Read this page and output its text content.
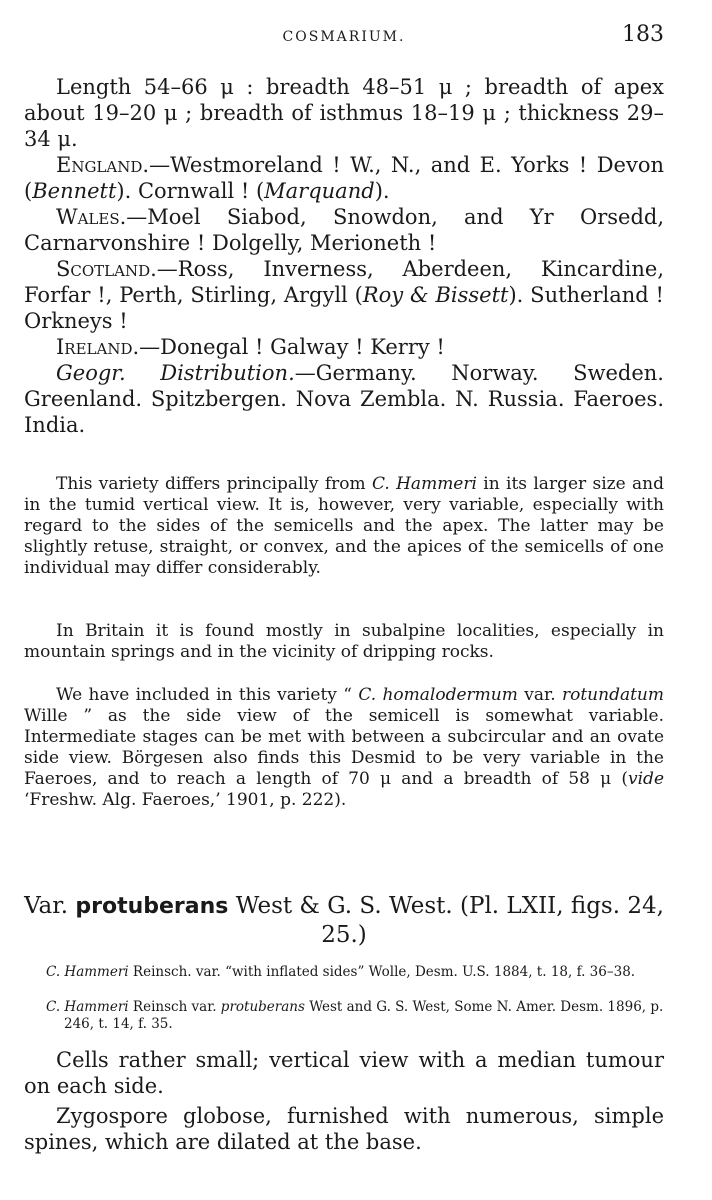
COSMARIUM.	183

Length 54–66 μ : breadth 48–51 μ ; breadth of apex about 19–20 μ ; breadth of isthmus 18–19 μ ; thickness 29–34 μ.

England.—Westmoreland ! W., N., and E. Yorks ! Devon (Bennett). Cornwall ! (Marquand).

Wales.—Moel Siabod, Snowdon, and Yr Orsedd, Carnarvonshire ! Dolgelly, Merioneth !

Scotland.—Ross, Inverness, Aberdeen, Kincardine, Forfar !, Perth, Stirling, Argyll (Roy & Bissett). Sutherland ! Orkneys !

Ireland.—Donegal ! Galway ! Kerry !

Geogr. Distribution.—Germany. Norway. Sweden. Greenland. Spitzbergen. Nova Zembla. N. Russia. Faeroes. India.

This variety differs principally from C. Hammeri in its larger size and in the tumid vertical view. It is, however, very variable, especially with regard to the sides of the semicells and the apex. The latter may be slightly retuse, straight, or convex, and the apices of the semicells of one individual may differ considerably.

In Britain it is found mostly in subalpine localities, especially in mountain springs and in the vicinity of dripping rocks.

We have included in this variety “ C. homalodermum var. rotundatum Wille ” as the side view of the semicell is somewhat variable. Intermediate stages can be met with between a subcircular and an ovate side view. Börgesen also finds this Desmid to be very variable in the Faeroes, and to reach a length of 70 μ and a breadth of 58 μ (vide ‘Freshw. Alg. Faeroes,’ 1901, p. 222).

Var. protuberans West & G. S. West. (Pl. LXII, figs. 24, 25.)

C. Hammeri Reinsch. var. “with inflated sides” Wolle, Desm. U.S. 1884, t. 18, f. 36–38.

C. Hammeri Reinsch var. protuberans West and G. S. West, Some N. Amer. Desm. 1896, p. 246, t. 14, f. 35.

Cells rather small; vertical view with a median tumour on each side.

Zygospore globose, furnished with numerous, simple spines, which are dilated at the base.
